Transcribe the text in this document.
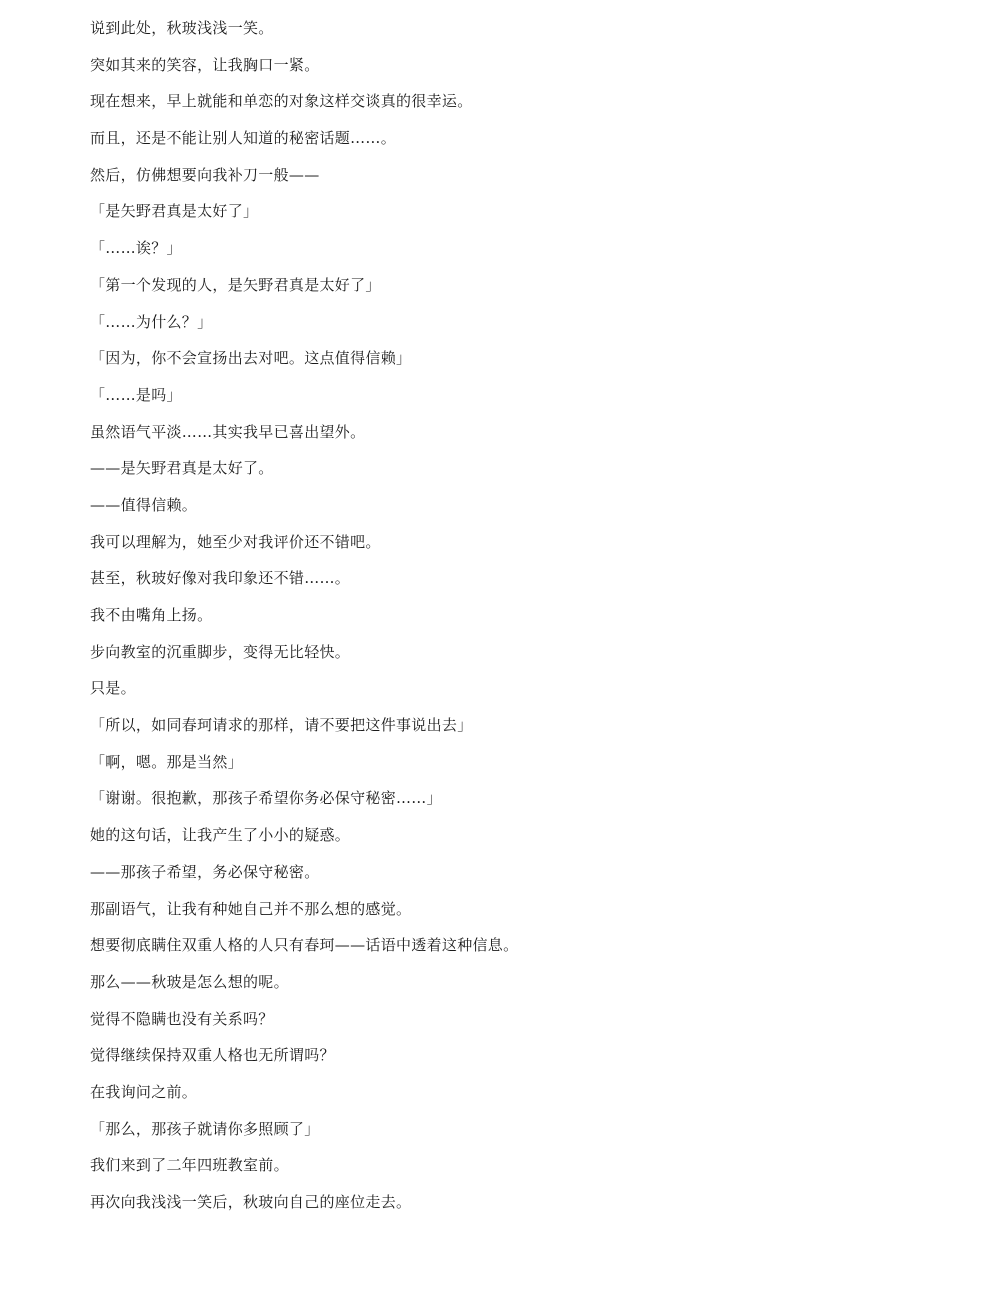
说到此处，秋玻浅浅一笑。

突如其来的笑容，让我胸口一紧。

现在想来，早上就能和单恋的对象这样交谈真的很幸运。

而且，还是不能让别人知道的秘密话题……。

然后，仿佛想要向我补刀一般——

「是矢野君真是太好了」

「……诶？」

「第一个发现的人，是矢野君真是太好了」

「……为什么？」

「因为，你不会宣扬出去对吧。这点值得信赖」

「……是吗」

虽然语气平淡……其实我早已喜出望外。

——是矢野君真是太好了。

——值得信赖。

我可以理解为，她至少对我评价还不错吧。

甚至，秋玻好像对我印象还不错……。

我不由嘴角上扬。

步向教室的沉重脚步，变得无比轻快。

只是。

「所以，如同春珂请求的那样，请不要把这件事说出去」

「啊，嗯。那是当然」

「谢谢。很抱歉，那孩子希望你务必保守秘密……」

她的这句话，让我产生了小小的疑惑。

——那孩子希望，务必保守秘密。

那副语气，让我有种她自己并不那么想的感觉。

想要彻底瞒住双重人格的人只有春珂——话语中透着这种信息。

那么——秋玻是怎么想的呢。

觉得不隐瞒也没有关系吗？

觉得继续保持双重人格也无所谓吗？

在我询问之前。

「那么，那孩子就请你多照顾了」

我们来到了二年四班教室前。

再次向我浅浅一笑后，秋玻向自己的座位走去。
